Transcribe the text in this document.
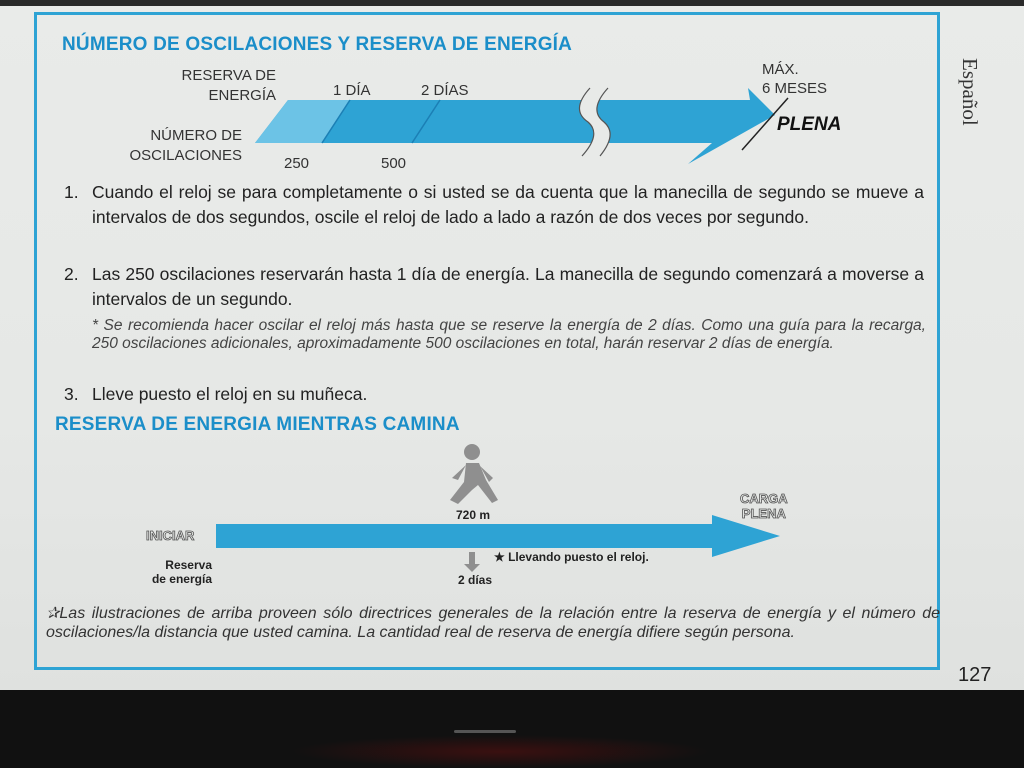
Español
NÚMERO DE OSCILACIONES Y RESERVA DE ENERGÍA
RESERVA DE
ENERGÍA
NÚMERO DE
OSCILACIONES
1 DÍA	2 DÍAS
250	500
MÁX.
6 MESES
PLENA
1. Cuando el reloj se para completamente o si usted se da cuenta que la manecilla de segundo se mueve a intervalos de dos segundos, oscile el reloj de lado a lado a razón de dos veces por segundo.
2. Las 250 oscilaciones reservarán hasta 1 día de energía. La manecilla de segundo comenzará a moverse a intervalos de un segundo.
* Se recomienda hacer oscilar el reloj más hasta que se reserve la energía de 2 días. Como una guía para la recarga, 250 oscilaciones adicionales, aproximadamente 500 oscilaciones en total, harán reservar 2 días de energía.
3. Lleve puesto el reloj en su muñeca.
RESERVA DE ENERGIA MIENTRAS CAMINA
720 m
INICIAR
CARGA
PLENA
Reserva
de energía	2 días
★ Llevando puesto el reloj.
✰Las ilustraciones de arriba proveen sólo directrices generales de la relación entre la reserva de energía y el número de oscilaciones/la distancia que usted camina. La cantidad real de reserva de energía difiere según persona.
127
